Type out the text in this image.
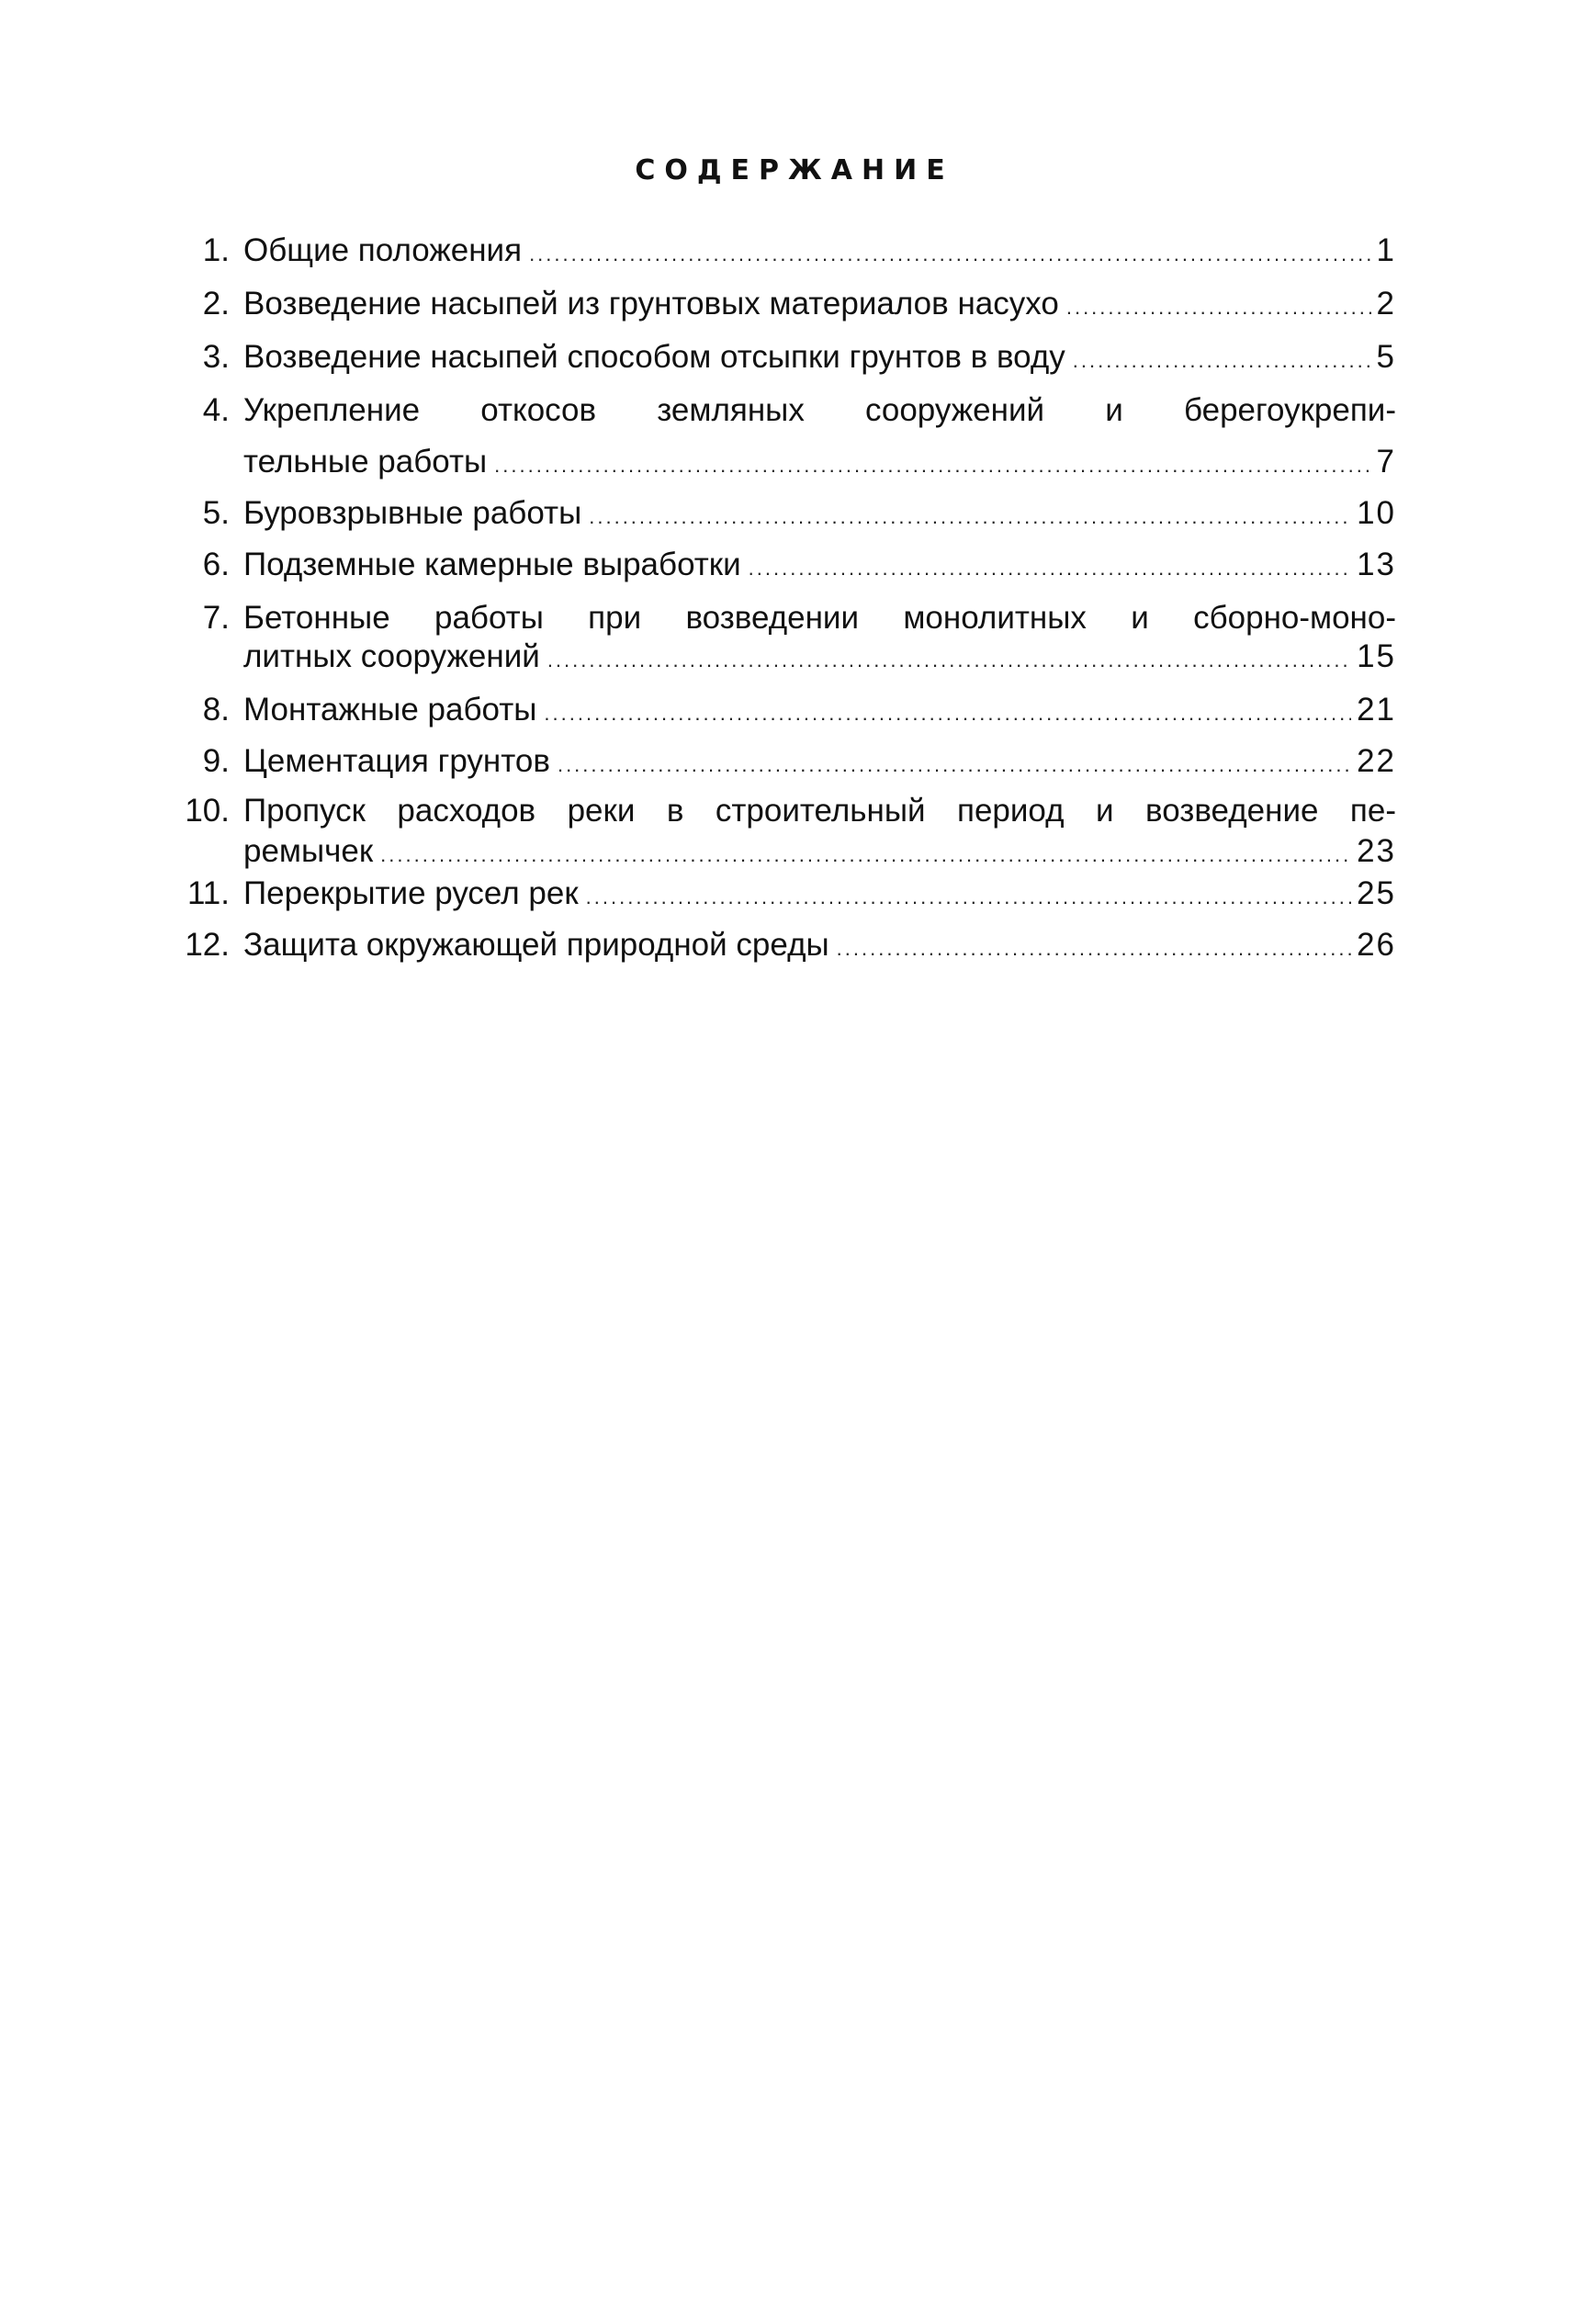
СОДЕРЖАНИЕ
1. Общие положения .....	1
2. Возведение насыпей из грунтовых материалов насухо .....	2
3. Возведение насыпей способом отсыпки грунтов в воду .....	5
4. Укрепление откосов земляных сооружений и берегоукрепи-
тельные работы .....	7
5. Буровзрывные работы .....	10
6. Подземные камерные выработки .....	13
7. Бетонные работы при возведении монолитных и сборно-моно-
литных сооружений .....	15
8. Монтажные работы .....	21
9. Цементация грунтов .....	22
10. Пропуск расходов реки в строительный период и возведение пе-
ремычек .....	23
11. Перекрытие русел рек .....	25
12. Защита окружающей природной среды .....	26
